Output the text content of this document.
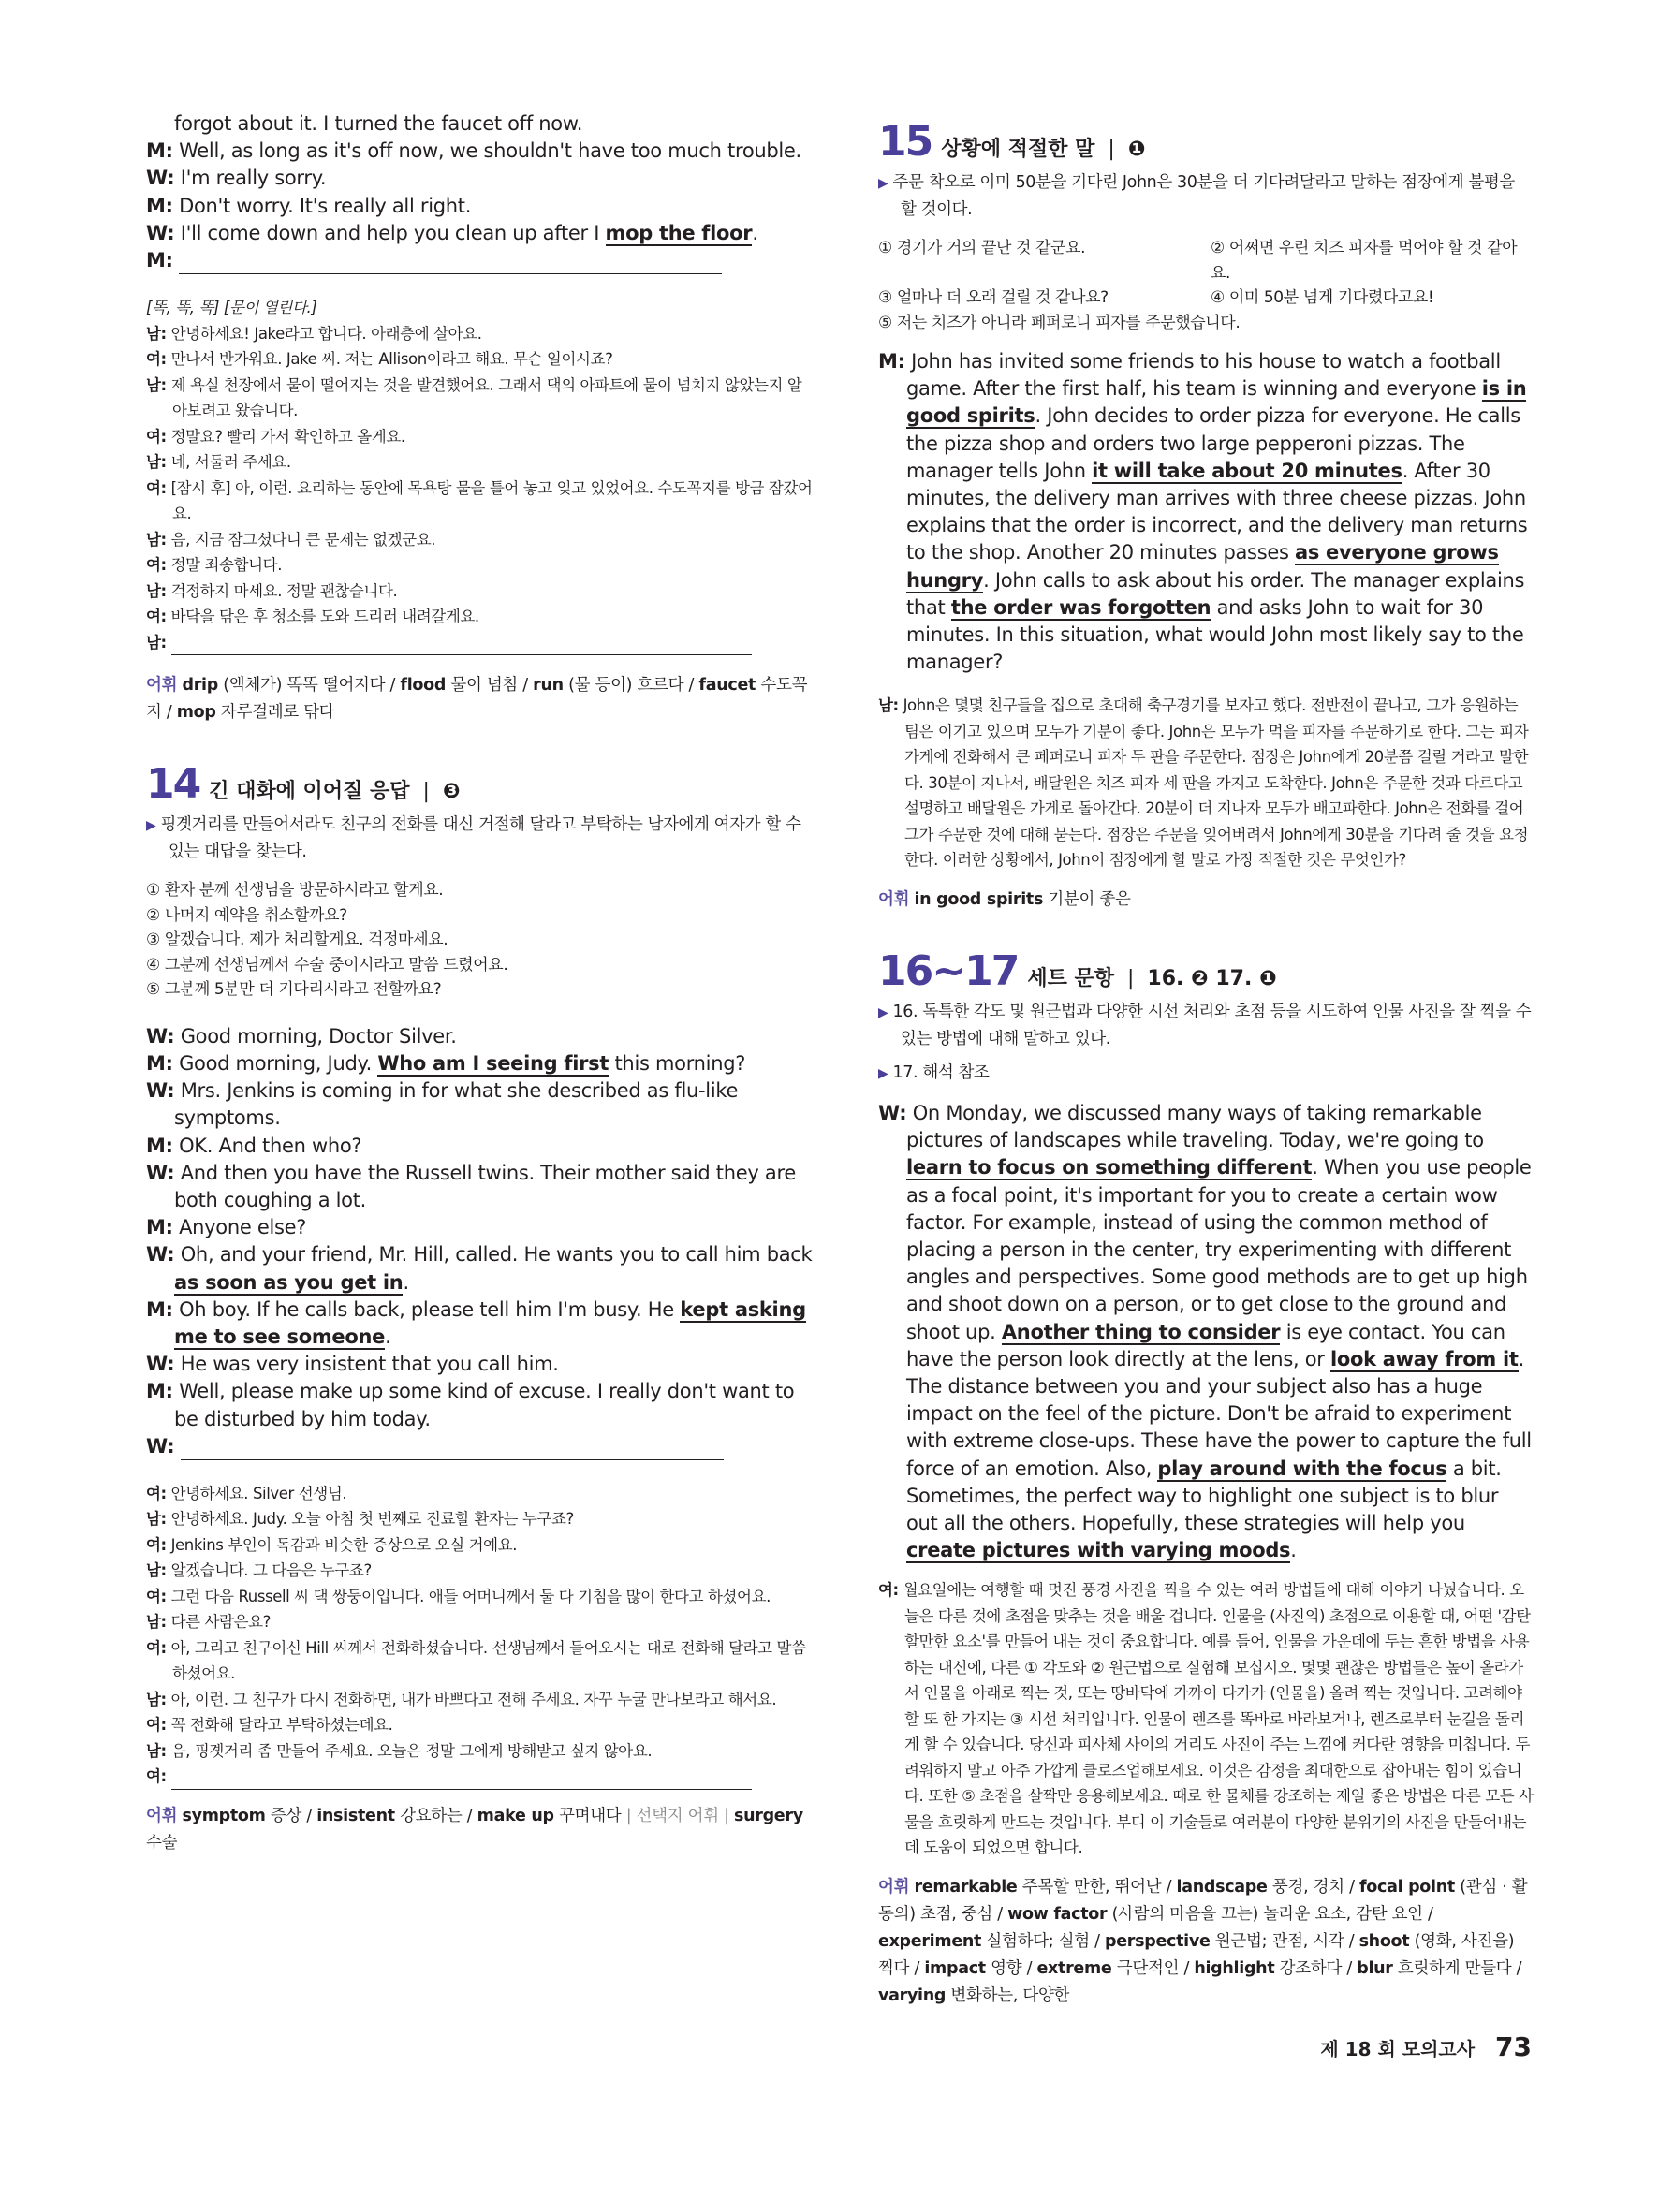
forgot about it. I turned the faucet off now.
M: Well, as long as it's off now, we shouldn't have too much trouble.
W: I'm really sorry.
M: Don't worry. It's really all right.
W: I'll come down and help you clean up after I mop the floor.
M:
[똑, 똑, 똑] [문이 열린다.]
남: 안녕하세요! Jake라고 합니다. 아래층에 살아요.
여: 만나서 반가워요. Jake 씨. 저는 Allison이라고 해요. 무슨 일이시죠?
남: 제 욕실 천장에서 물이 떨어지는 것을 발견했어요. 그래서 댁의 아파트에 물이 넘치지 않았는지 알아보려고 왔습니다.
여: 정말요? 빨리 가서 확인하고 올게요.
남: 네, 서둘러 주세요.
여: [잠시 후] 아, 이런. 요리하는 동안에 목욕탕 물을 틀어 놓고 잊고 있었어요. 수도꼭지를 방금 잠갔어요.
남: 음, 지금 잠그셨다니 큰 문제는 없겠군요.
여: 정말 죄송합니다.
남: 걱정하지 마세요. 정말 괜찮습니다.
여: 바닥을 닦은 후 청소를 도와 드리러 내려갈게요.
남:
어휘 drip (액체가) 똑똑 떨어지다 / flood 물이 넘침 / run (물 등이) 흐르다 / faucet 수도꼭지 / mop 자루걸레로 닦다
14 긴 대화에 이어질 응답 | ❸
▶ 핑곗거리를 만들어서라도 친구의 전화를 대신 거절해 달라고 부탁하는 남자에게 여자가 할 수 있는 대답을 찾는다.
① 환자 분께 선생님을 방문하시라고 할게요.
② 나머지 예약을 취소할까요?
③ 알겠습니다. 제가 처리할게요. 걱정마세요.
④ 그분께 선생님께서 수술 중이시라고 말씀 드렸어요.
⑤ 그분께 5분만 더 기다리시라고 전할까요?
W: Good morning, Doctor Silver.
M: Good morning, Judy. Who am I seeing first this morning?
W: Mrs. Jenkins is coming in for what she described as flu-like symptoms.
M: OK. And then who?
W: And then you have the Russell twins. Their mother said they are both coughing a lot.
M: Anyone else?
W: Oh, and your friend, Mr. Hill, called. He wants you to call him back as soon as you get in.
M: Oh boy. If he calls back, please tell him I'm busy. He kept asking me to see someone.
W: He was very insistent that you call him.
M: Well, please make up some kind of excuse. I really don't want to be disturbed by him today.
W:
여: 안녕하세요. Silver 선생님.
남: 안녕하세요. Judy. 오늘 아침 첫 번째로 진료할 환자는 누구죠?
여: Jenkins 부인이 독감과 비슷한 증상으로 오실 거예요.
남: 알겠습니다. 그 다음은 누구죠?
여: 그런 다음 Russell 씨 댁 쌍둥이입니다. 애들 어머니께서 둘 다 기침을 많이 한다고 하셨어요.
남: 다른 사람은요?
여: 아, 그리고 친구이신 Hill 씨께서 전화하셨습니다. 선생님께서 들어오시는 대로 전화해 달라고 말씀하셨어요.
남: 아, 이런. 그 친구가 다시 전화하면, 내가 바쁘다고 전해 주세요. 자꾸 누굴 만나보라고 해서요.
여: 꼭 전화해 달라고 부탁하셨는데요.
남: 음, 핑곗거리 좀 만들어 주세요. 오늘은 정말 그에게 방해받고 싶지 않아요.
여:
어휘 symptom 증상 / insistent 강요하는 / make up 꾸며내다 | 선택지 어휘 | surgery 수술
15 상황에 적절한 말 | ❶
▶ 주문 착오로 이미 50분을 기다린 John은 30분을 더 기다려달라고 말하는 점장에게 불평을 할 것이다.
① 경기가 거의 끝난 것 같군요.	② 어쩌면 우린 치즈 피자를 먹어야 할 것 같아요.
③ 얼마나 더 오래 걸릴 것 같나요?	④ 이미 50분 넘게 기다렸다고요!
⑤ 저는 치즈가 아니라 페퍼로니 피자를 주문했습니다.
M: John has invited some friends to his house to watch a football game. After the first half, his team is winning and everyone is in good spirits. John decides to order pizza for everyone. He calls the pizza shop and orders two large pepperoni pizzas. The manager tells John it will take about 20 minutes. After 30 minutes, the delivery man arrives with three cheese pizzas. John explains that the order is incorrect, and the delivery man returns to the shop. Another 20 minutes passes as everyone grows hungry. John calls to ask about his order. The manager explains that the order was forgotten and asks John to wait for 30 minutes. In this situation, what would John most likely say to the manager?
남: John은 몇몇 친구들을 집으로 초대해 축구경기를 보자고 했다. 전반전이 끝나고, 그가 응원하는 팀은 이기고 있으며 모두가 기분이 좋다. John은 모두가 먹을 피자를 주문하기로 한다. 그는 피자 가게에 전화해서 큰 페퍼로니 피자 두 판을 주문한다. 점장은 John에게 20분쯤 걸릴 거라고 말한다. 30분이 지나서, 배달원은 치즈 피자 세 판을 가지고 도착한다. John은 주문한 것과 다르다고 설명하고 배달원은 가게로 돌아간다. 20분이 더 지나자 모두가 배고파한다. John은 전화를 걸어 그가 주문한 것에 대해 묻는다. 점장은 주문을 잊어버려서 John에게 30분을 기다려 줄 것을 요청한다. 이러한 상황에서, John이 점장에게 할 말로 가장 적절한 것은 무엇인가?
어휘 in good spirits 기분이 좋은
16~17 세트 문항 | 16. ❷ 17. ❶
▶ 16. 독특한 각도 및 원근법과 다양한 시선 처리와 초점 등을 시도하여 인물 사진을 잘 찍을 수 있는 방법에 대해 말하고 있다.
▶ 17. 해석 참조
W: On Monday, we discussed many ways of taking remarkable pictures of landscapes while traveling. Today, we're going to learn to focus on something different. When you use people as a focal point, it's important for you to create a certain wow factor. For example, instead of using the common method of placing a person in the center, try experimenting with different angles and perspectives. Some good methods are to get up high and shoot down on a person, or to get close to the ground and shoot up. Another thing to consider is eye contact. You can have the person look directly at the lens, or look away from it. The distance between you and your subject also has a huge impact on the feel of the picture. Don't be afraid to experiment with extreme close-ups. These have the power to capture the full force of an emotion. Also, play around with the focus a bit. Sometimes, the perfect way to highlight one subject is to blur out all the others. Hopefully, these strategies will help you create pictures with varying moods.
여: 월요일에는 여행할 때 멋진 풍경 사진을 찍을 수 있는 여러 방법들에 대해 이야기 나눴습니다. 오늘은 다른 것에 초점을 맞추는 것을 배울 겁니다. 인물을 (사진의) 초점으로 이용할 때, 어떤 '감탄할만한 요소'를 만들어 내는 것이 중요합니다. 예를 들어, 인물을 가운데에 두는 흔한 방법을 사용하는 대신에, 다른 ① 각도와 ② 원근법으로 실험해 보십시오. 몇몇 괜찮은 방법들은 높이 올라가서 인물을 아래로 찍는 것, 또는 땅바닥에 가까이 다가가 (인물을) 올려 찍는 것입니다. 고려해야 할 또 한 가지는 ③ 시선 처리입니다. 인물이 렌즈를 똑바로 바라보거나, 렌즈로부터 눈길을 돌리게 할 수 있습니다. 당신과 피사체 사이의 거리도 사진이 주는 느낌에 커다란 영향을 미칩니다. 두려워하지 말고 아주 가깝게 클로즈업해보세요. 이것은 감정을 최대한으로 잡아내는 힘이 있습니다. 또한 ⑤ 초점을 살짝만 응용해보세요. 때로 한 물체를 강조하는 제일 좋은 방법은 다른 모든 사물을 흐릿하게 만드는 것입니다. 부디 이 기술들로 여러분이 다양한 분위기의 사진을 만들어내는 데 도움이 되었으면 합니다.
어휘 remarkable 주목할 만한, 뛰어난 / landscape 풍경, 경치 / focal point (관심 · 활동의) 초점, 중심 / wow factor (사람의 마음을 끄는) 놀라운 요소, 감탄 요인 / experiment 실험하다; 실험 / perspective 원근법; 관점, 시각 / shoot (영화, 사진을) 찍다 / impact 영향 / extreme 극단적인 / highlight 강조하다 / blur 흐릿하게 만들다 / varying 변화하는, 다양한
제 18 회 모의고사 73
